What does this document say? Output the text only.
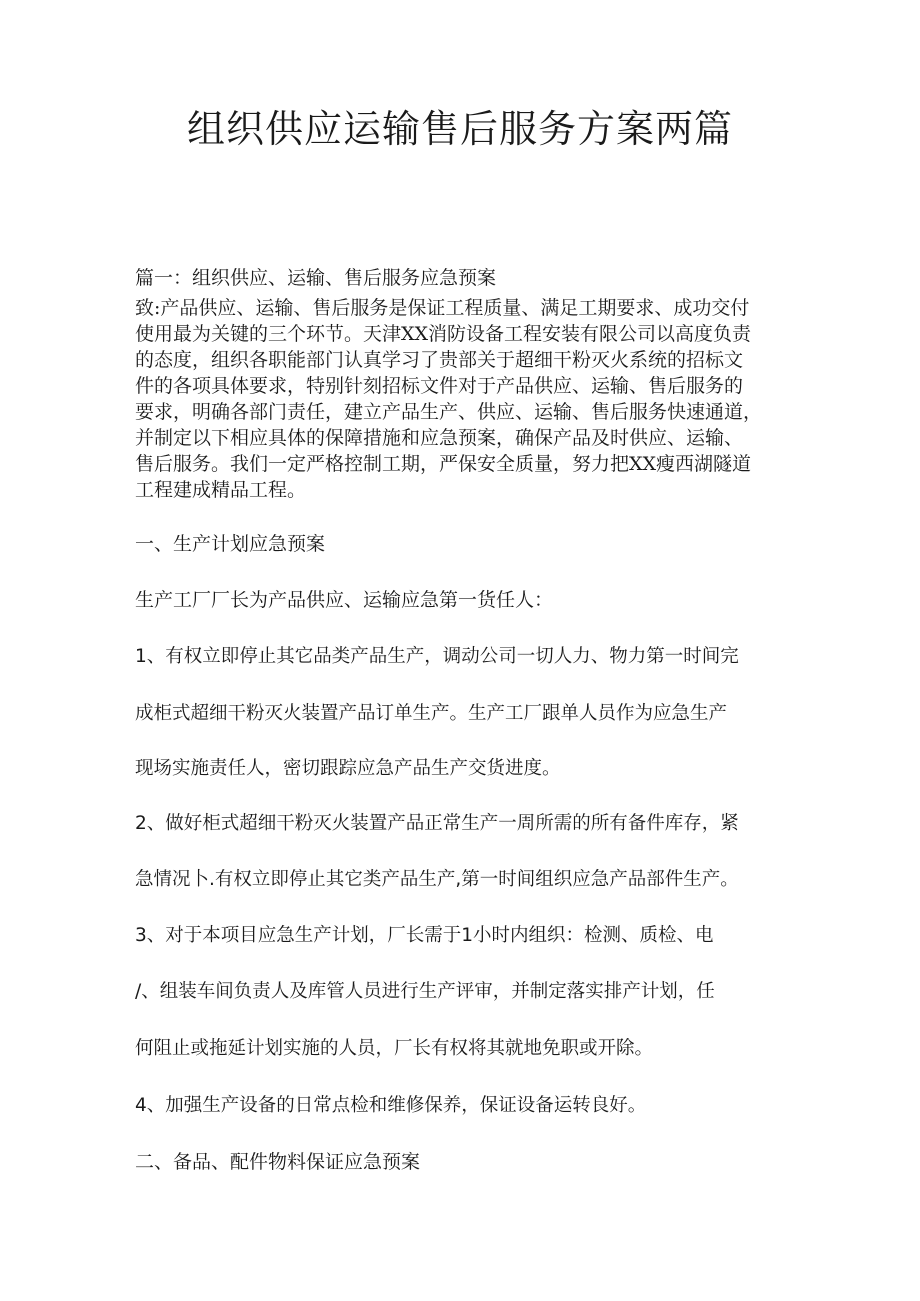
组织供应运输售后服务方案两篇

篇一：组织供应、运输、售后服务应急预案

致:产品供应、运输、售后服务是保证工程质量、满足工期要求、成功交付

使用最为关键的三个环节。天津XX消防设备工程安装有限公司以高度负责

的态度，组织各职能部门认真学习了贵部关于超细干粉灭火系统的招标文

件的各项具体要求，特别针刻招标文件对于产品供应、运输、售后服务的

要求，明确各部门责任，建立产品生产、供应、运输、售后服务快速通道，

并制定以下相应具体的保障措施和应急预案，确保产品及时供应、运输、

售后服务。我们一定严格控制工期，严保安全质量，努力把XX瘦西湖隧道

工程建成精品工程。

一、生产计划应急预案

生产工厂厂长为产品供应、运输应急第一货任人：

1、有权立即停止其它品类产品生产，调动公司一切人力、物力第一时间完

成柜式超细干粉灭火装置产品订单生产。生产工厂跟单人员作为应急生产

现场实施责任人，密切跟踪应急产品生产交货进度。

2、做好柜式超细干粉灭火装置产品正常生产一周所需的所有备件库存，紧

急情况卜.有权立即停止其它类产品生产,第一时间组织应急产品部件生产。

3、对于本项目应急生产计划，厂长需于1小时内组织：检测、质检、电

/、组装车间负责人及库管人员进行生产评审，并制定落实排产计划，任

何阻止或拖延计划实施的人员，厂长有权将其就地免职或开除。

4、加强生产设备的日常点检和维修保养，保证设备运转良好。

二、备品、配件物料保证应急预案
